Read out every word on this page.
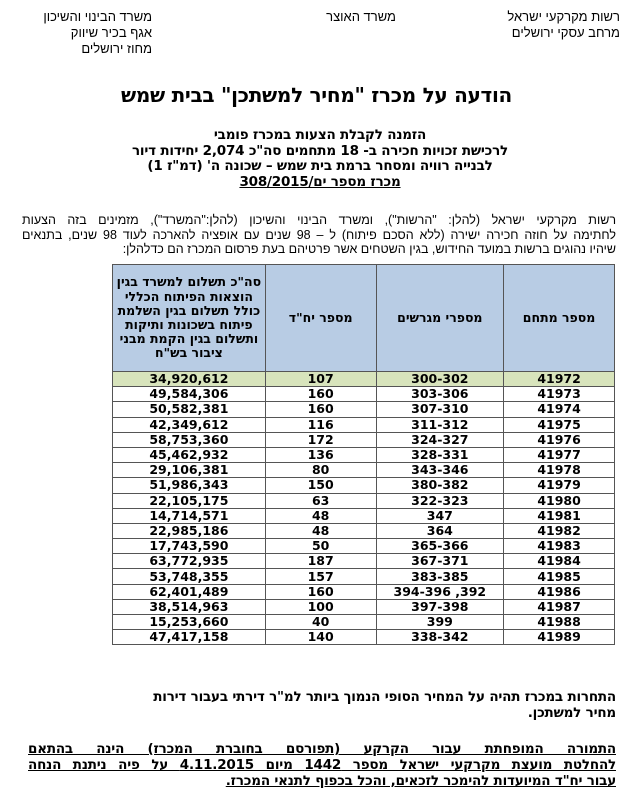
רשות מקרקעי ישראל
מרחב עסקי ירושלים
משרד האוצר
משרד הבינוי והשיכון
אגף בכיר שיווק
מחוז ירושלים
הודעה על מכרז "מחיר למשתכן" בבית שמש
הזמנה לקבלת הצעות במכרז פומבי
לרכישת זכויות חכירה ב- 18 מתחמים סה"כ 2,074 יחידות דיור
לבנייה רוויה ומסחר ברמת בית שמש – שכונה ה' (דמ"ז 1)
מכרז מספר ים/308/2015
רשות מקרקעי ישראל (להלן: "הרשות"), ומשרד הבינוי והשיכון (להלן:"המשרד"), מזמינים בזה הצעות
לחתימה על חוזה חכירה ישירה (ללא הסכם פיתוח) ל – 98 שנים עם אופציה להארכה לעוד 98 שנים, בתנאים
שיהיו נהוגים ברשות במועד החידוש, בגין השטחים אשר פרטיהם בעת פרסום המכרז הם כדלהלן:
מספר מתחם	מספרי מגרשים	מספר יח"ד	סה"כ תשלום למשרד בגין הוצאות הפיתוח הכללי כולל תשלום בגין השלמת פיתוח בשכונות ותיקות ותשלום בגין הקמת מבני ציבור בש"ח
41972	300-302	107	34,920,612
41973	303-306	160	49,584,306
41974	307-310	160	50,582,381
41975	311-312	116	42,349,612
41976	324-327	172	58,753,360
41977	328-331	136	45,462,932
41978	343-346	80	29,106,381
41979	380-382	150	51,986,343
41980	322-323	63	22,105,175
41981	347	48	14,714,571
41982	364	48	22,985,186
41983	365-366	50	17,743,590
41984	367-371	187	63,772,935
41985	383-385	157	53,748,355
41986	392, 394-396	160	62,401,489
41987	397-398	100	38,514,963
41988	399	40	15,253,660
41989	338-342	140	47,417,158
התחרות במכרז תהיה על המחיר הסופי הנמוך ביותר למ"ר דירתי בעבור דירות
מחיר למשתכן.
התמורה המופחתת עבור הקרקע (תפורסם בחוברת המכרז) הינה בהתאם
להחלטת מועצת מקרקעי ישראל מספר 1442 מיום 4.11.2015 על פיה ניתנת הנחה
עבור יח"ד המיועדות להימכר לזכאים, והכל בכפוף לתנאי המכרז.
